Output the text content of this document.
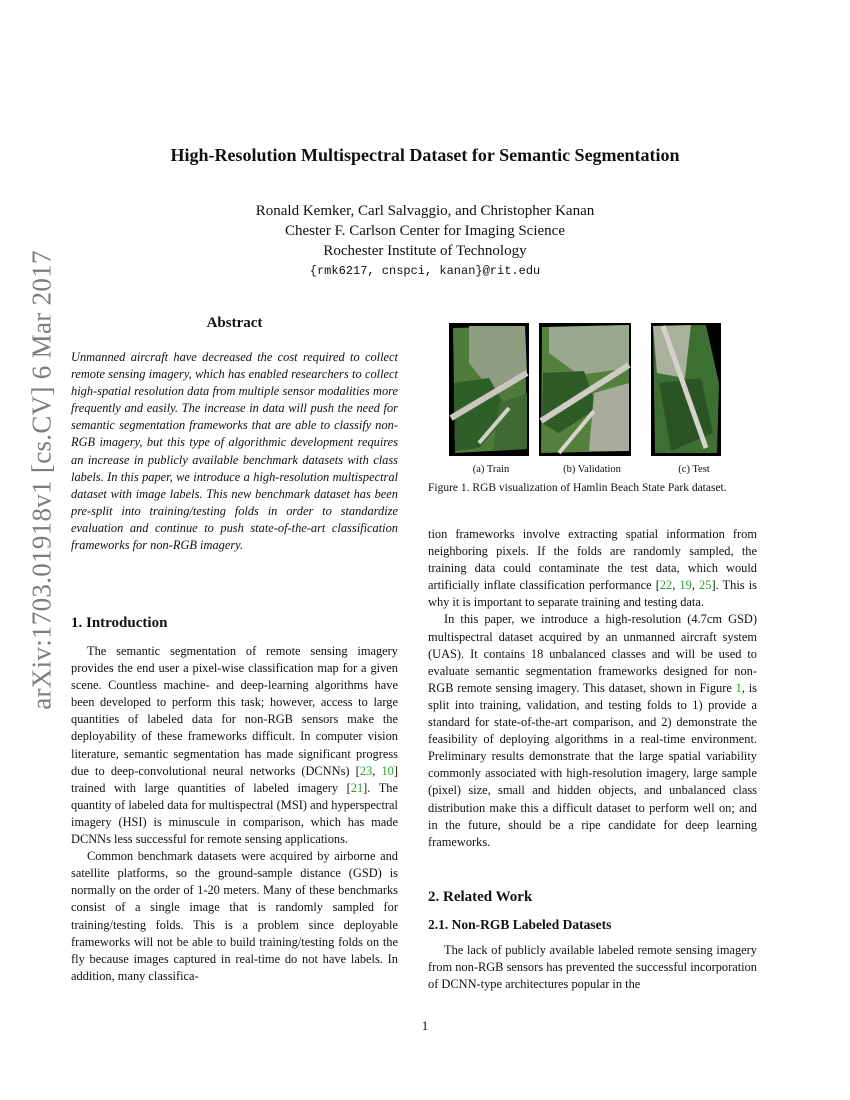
arXiv:1703.01918v1 [cs.CV] 6 Mar 2017
High-Resolution Multispectral Dataset for Semantic Segmentation
Ronald Kemker, Carl Salvaggio, and Christopher Kanan
Chester F. Carlson Center for Imaging Science
Rochester Institute of Technology
{rmk6217, cnspci, kanan}@rit.edu
Abstract

Unmanned aircraft have decreased the cost required to collect remote sensing imagery, which has enabled researchers to collect high-spatial resolution data from multiple sensor modalities more frequently and easily. The increase in data will push the need for semantic segmentation frameworks that are able to classify non-RGB imagery, but this type of algorithmic development requires an increase in publicly available benchmark datasets with class labels. In this paper, we introduce a high-resolution multispectral dataset with image labels. This new benchmark dataset has been pre-split into training/testing folds in order to standardize evaluation and continue to push state-of-the-art classification frameworks for non-RGB imagery.

1. Introduction

The semantic segmentation of remote sensing imagery provides the end user a pixel-wise classification map for a given scene. Countless machine- and deep-learning algorithms have been developed to perform this task; however, access to large quantities of labeled data for non-RGB sensors make the deployability of these frameworks difficult. In computer vision literature, semantic segmentation has made significant progress due to deep-convolutional neural networks (DCNNs) [23, 10] trained with large quantities of labeled imagery [21]. The quantity of labeled data for multispectral (MSI) and hyperspectral imagery (HSI) is minuscule in comparison, which has made DCNNs less successful for remote sensing applications.

Common benchmark datasets were acquired by airborne and satellite platforms, so the ground-sample distance (GSD) is normally on the order of 1-20 meters. Many of these benchmarks consist of a single image that is randomly sampled for training/testing folds. This is a problem since deployable frameworks will not be able to build training/testing folds on the fly because images captured in real-time do not have labels. In addition, many classifica-

(a) Train	(b) Validation	(c) Test
Figure 1. RGB visualization of Hamlin Beach State Park dataset.

tion frameworks involve extracting spatial information from neighboring pixels. If the folds are randomly sampled, the training data could contaminate the test data, which would artificially inflate classification performance [22, 19, 25]. This is why it is important to separate training and testing data.

In this paper, we introduce a high-resolution (4.7cm GSD) multispectral dataset acquired by an unmanned aircraft system (UAS). It contains 18 unbalanced classes and will be used to evaluate semantic segmentation frameworks designed for non-RGB remote sensing imagery. This dataset, shown in Figure 1, is split into training, validation, and testing folds to 1) provide a standard for state-of-the-art comparison, and 2) demonstrate the feasibility of deploying algorithms in a real-time environment. Preliminary results demonstrate that the large spatial variability commonly associated with high-resolution imagery, large sample (pixel) size, small and hidden objects, and unbalanced class distribution make this a difficult dataset to perform well on; and in the future, should be a ripe candidate for deep learning frameworks.

2. Related Work
2.1. Non-RGB Labeled Datasets

The lack of publicly available labeled remote sensing imagery from non-RGB sensors has prevented the successful incorporation of DCNN-type architectures popular in the

1
